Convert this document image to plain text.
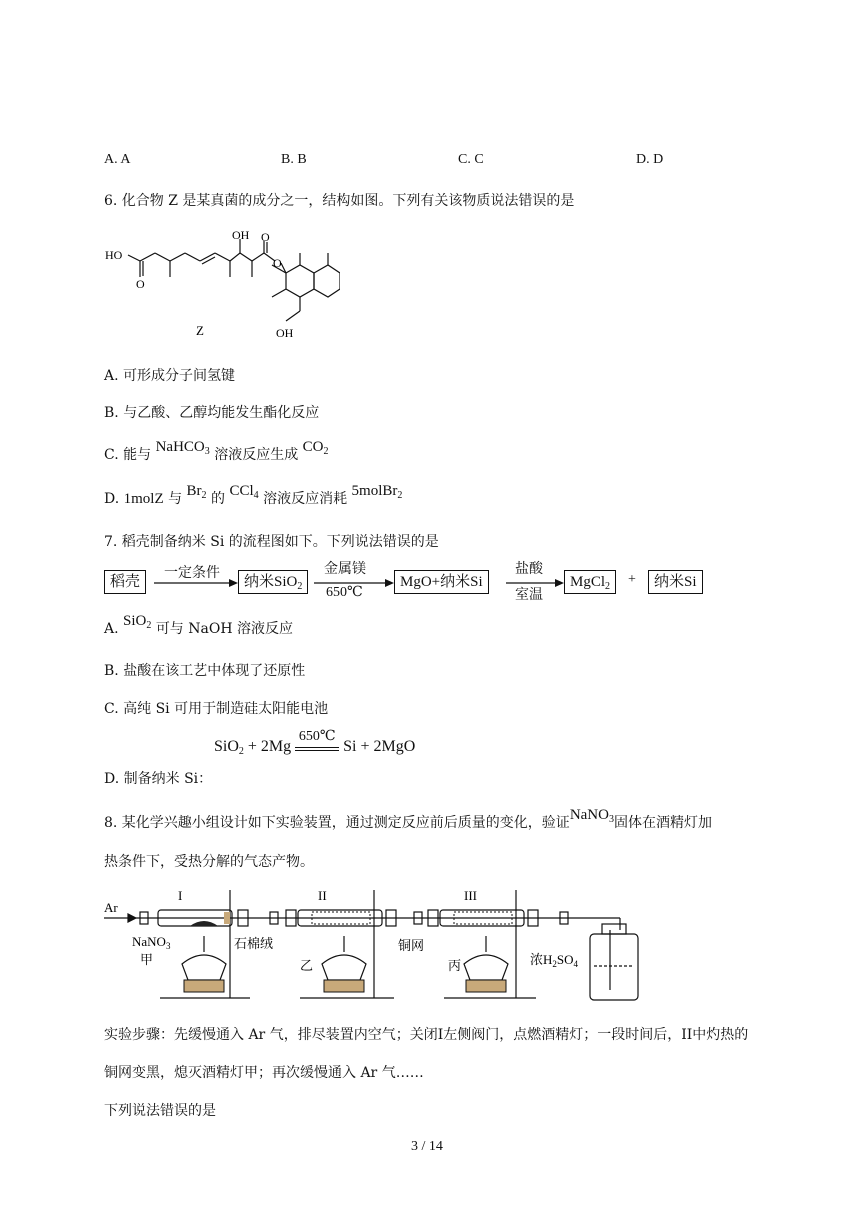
A. A	B. B	C. C	D. D
6. 化合物 Z 是某真菌的成分之一，结构如图。下列有关该物质说法错误的是
HO
O
OH O
O
OH
Z
A. 可形成分子间氢键
B. 与乙酸、乙醇均能发生酯化反应
C. 能与 NaHCO$_3$ 溶液反应生成 $CO_2$
D. 1molZ 与 $Br_2$ 的 CCl$_4$ 溶液反应消耗 5molBr$_2$
7. 稻壳制备纳米 Si 的流程图如下。下列说法错误的是
稻壳
一定条件
纳米SiO$_2$
金属镁
650℃
MgO+纳米Si
盐酸
室温
MgCl$_2$	+	纳米Si
A. SiO$_2$ 可与 NaOH 溶液反应
B. 盐酸在该工艺中体现了还原性
C. 高纯 Si 可用于制造硅太阳能电池
SiO$_2$ + 2Mg
650℃
Si + 2MgO
D. 制备纳米 Si：
8. 某化学兴趣小组设计如下实验装置，通过测定反应前后质量的变化，验证NaNO$_3$固体在酒精灯加
热条件下，受热分解的气态产物。
Ar
I	II	III
NaNO$_3$	石棉绒	铜网
甲	乙	丙	浓$H_2SO_4$
实验步骤：先缓慢通入 Ar 气，排尽装置内空气；关闭I左侧阀门，点燃酒精灯；一段时间后，II中灼热的
铜网变黑，熄灭酒精灯甲；再次缓慢通入 Ar 气……
下列说法错误的是
3 / 14
